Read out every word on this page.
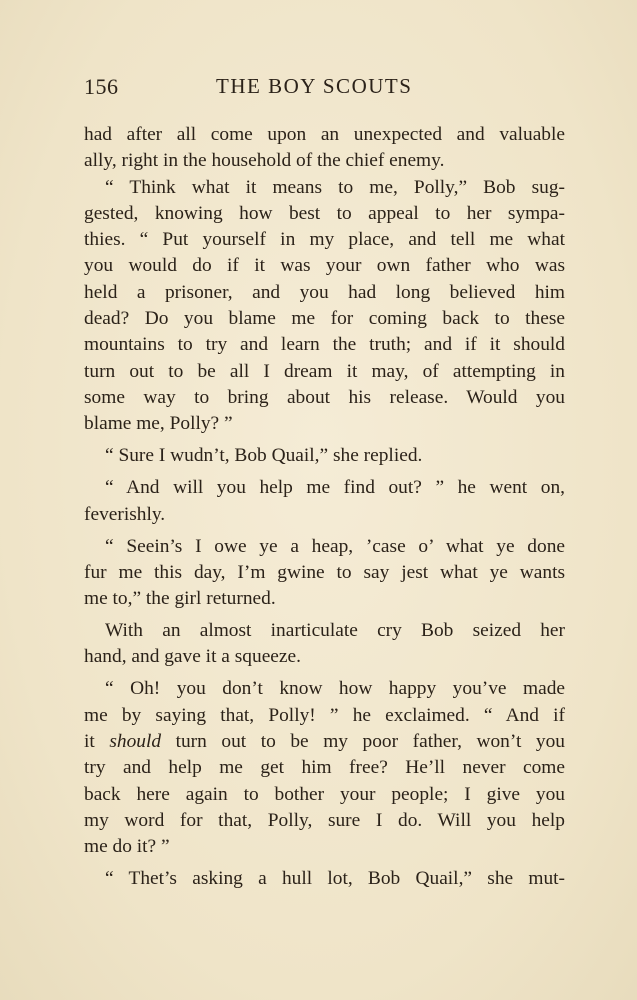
156	THE BOY SCOUTS

had after all come upon an unexpected and valuable
ally, right in the household of the chief enemy.

“ Think what it means to me, Polly,” Bob sug-
gested, knowing how best to appeal to her sympa-
thies. “ Put yourself in my place, and tell me what
you would do if it was your own father who was
held a prisoner, and you had long believed him
dead? Do you blame me for coming back to these
mountains to try and learn the truth; and if it should
turn out to be all I dream it may, of attempting in
some way to bring about his release. Would you
blame me, Polly? ”

“ Sure I wudn’t, Bob Quail,” she replied.

“ And will you help me find out? ” he went on,
feverishly.

“ Seein’s I owe ye a heap, ’case o’ what ye done
fur me this day, I’m gwine to say jest what ye wants
me to,” the girl returned.

With an almost inarticulate cry Bob seized her
hand, and gave it a squeeze.

“ Oh! you don’t know how happy you’ve made
me by saying that, Polly! ” he exclaimed. “ And if
it should turn out to be my poor father, won’t you
try and help me get him free? He’ll never come
back here again to bother your people; I give you
my word for that, Polly, sure I do. Will you help
me do it? ”

“ Thet’s asking a hull lot, Bob Quail,” she mut-
